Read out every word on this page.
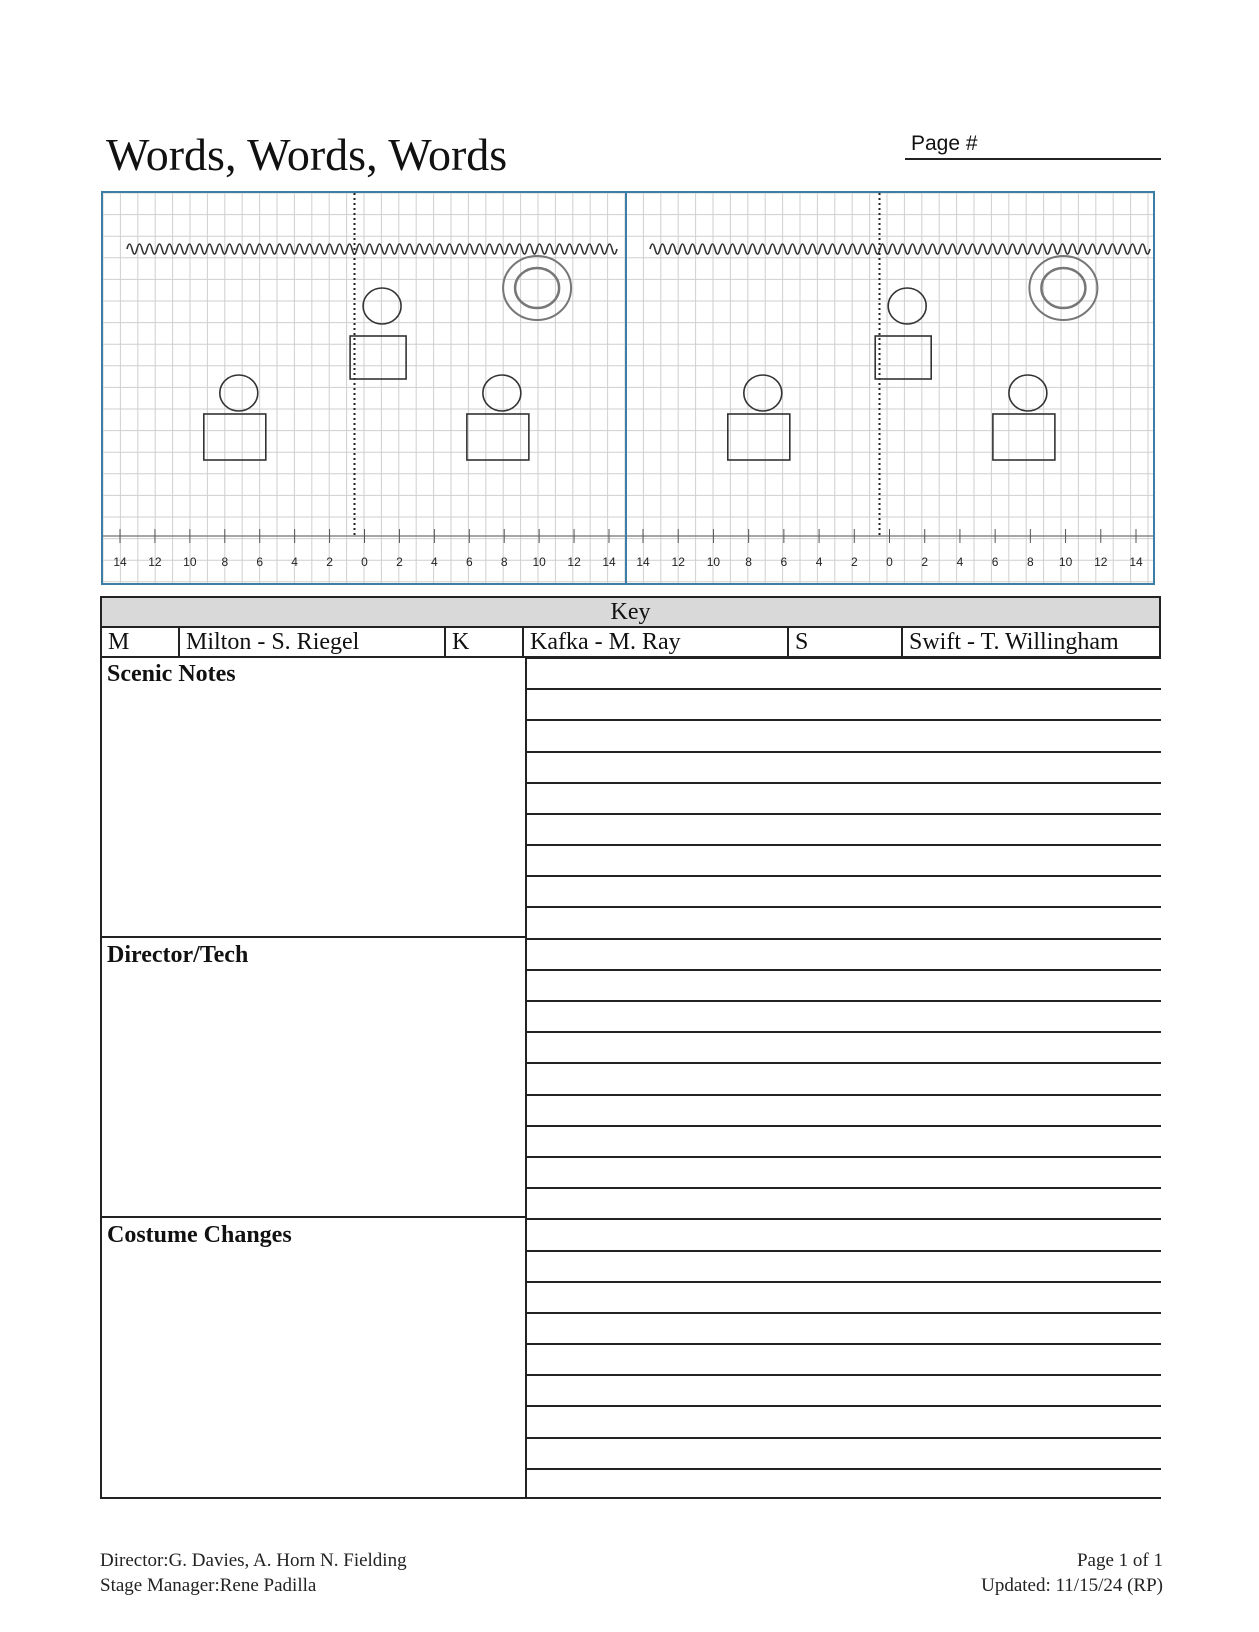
Words, Words, Words	Page #
14 12 10 8 6 4 2 0 2 4 6 8 10 12 14 14 12 10 8 6 4 2 0 2 4 6 8 10 12 14
Key
M	Milton - S. Riegel	K	Kafka - M. Ray	S	Swift - T. Willingham
Scenic Notes
Director/Tech
Costume Changes
Director:G. Davies, A. Horn N. Fielding
Stage Manager:Rene Padilla
Page 1 of 1
Updated: 11/15/24 (RP)
